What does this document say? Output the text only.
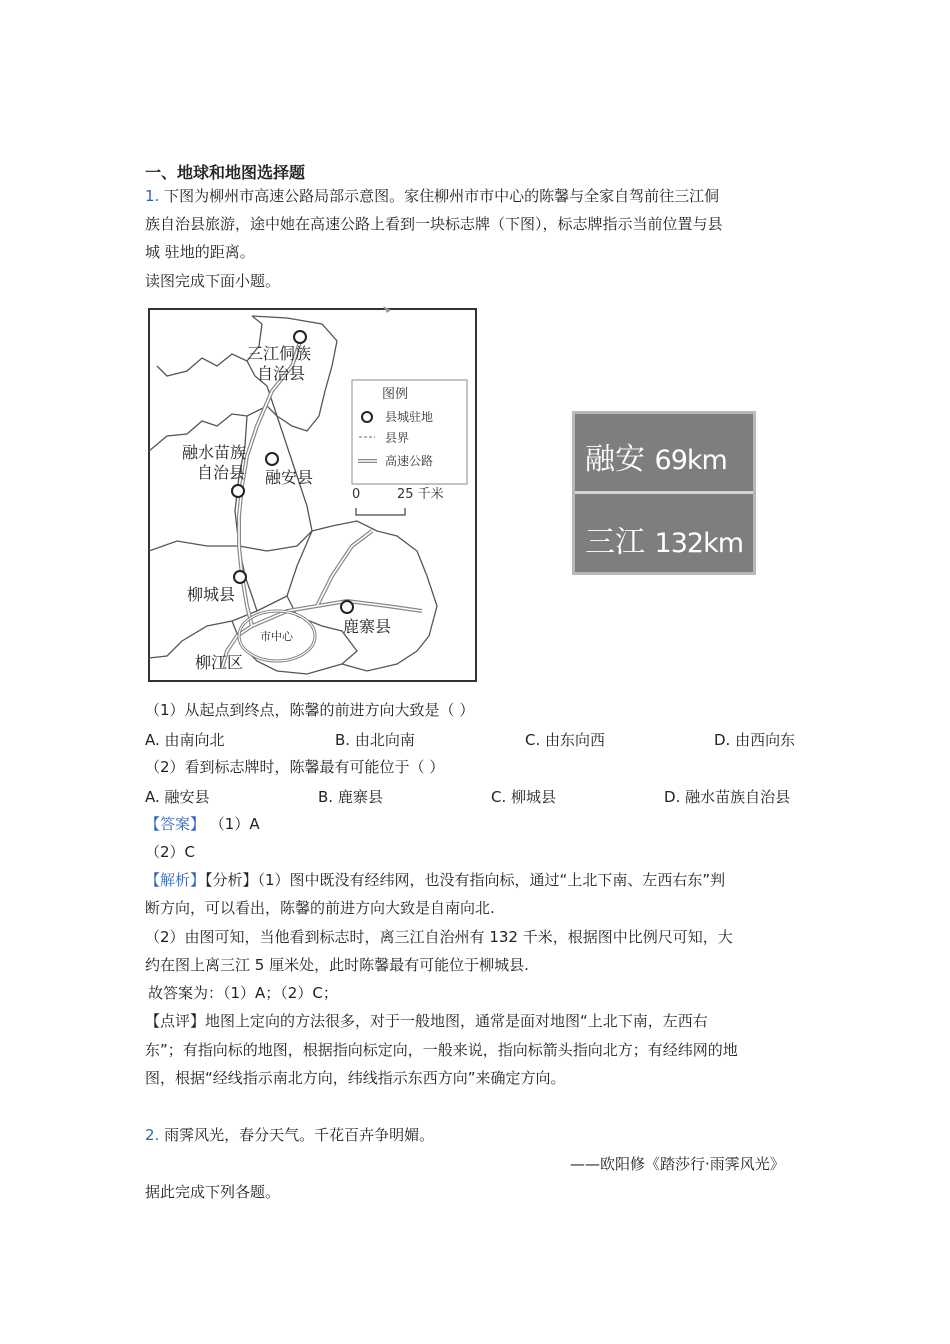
一、地球和地图选择题
1. 下图为柳州市高速公路局部示意图。家住柳州市市中心的陈馨与全家自驾前往三江侗
族自治县旅游，途中她在高速公路上看到一块标志牌（下图），标志牌指示当前位置与县
城 驻地的距离。
读图完成下面小题。
三江侗族
自治县
融水苗族
自治县 融安县
柳城县
鹿寨县
市中心
柳江区
图例
县城驻地
县界
高速公路
0	25 千米
融安 69km
三江 132km
（1）从起点到终点，陈馨的前进方向大致是（ ）
A. 由南向北	B. 由北向南	C. 由东向西	D. 由西向东
（2）看到标志牌时，陈馨最有可能位于（ ）
A. 融安县	B. 鹿寨县	C. 柳城县	D. 融水苗族自治县
【答案】 （1）A
（2）C
【解析】【分析】（1）图中既没有经纬网，也没有指向标，通过“上北下南、左西右东”判
断方向，可以看出，陈馨的前进方向大致是自南向北.
（2）由图可知，当他看到标志时，离三江自治州有 132 千米，根据图中比例尺可知，大
约在图上离三江 5 厘米处，此时陈馨最有可能位于柳城县.
故答案为：（1）A；（2）C；
【点评】地图上定向的方法很多，对于一般地图，通常是面对地图“上北下南，左西右
东”；有指向标的地图，根据指向标定向，一般来说，指向标箭头指向北方；有经纬网的地
图，根据“经线指示南北方向，纬线指示东西方向”来确定方向。
2. 雨霁风光，春分天气。千花百卉争明媚。
——欧阳修《踏莎行·雨霁风光》
据此完成下列各题。
